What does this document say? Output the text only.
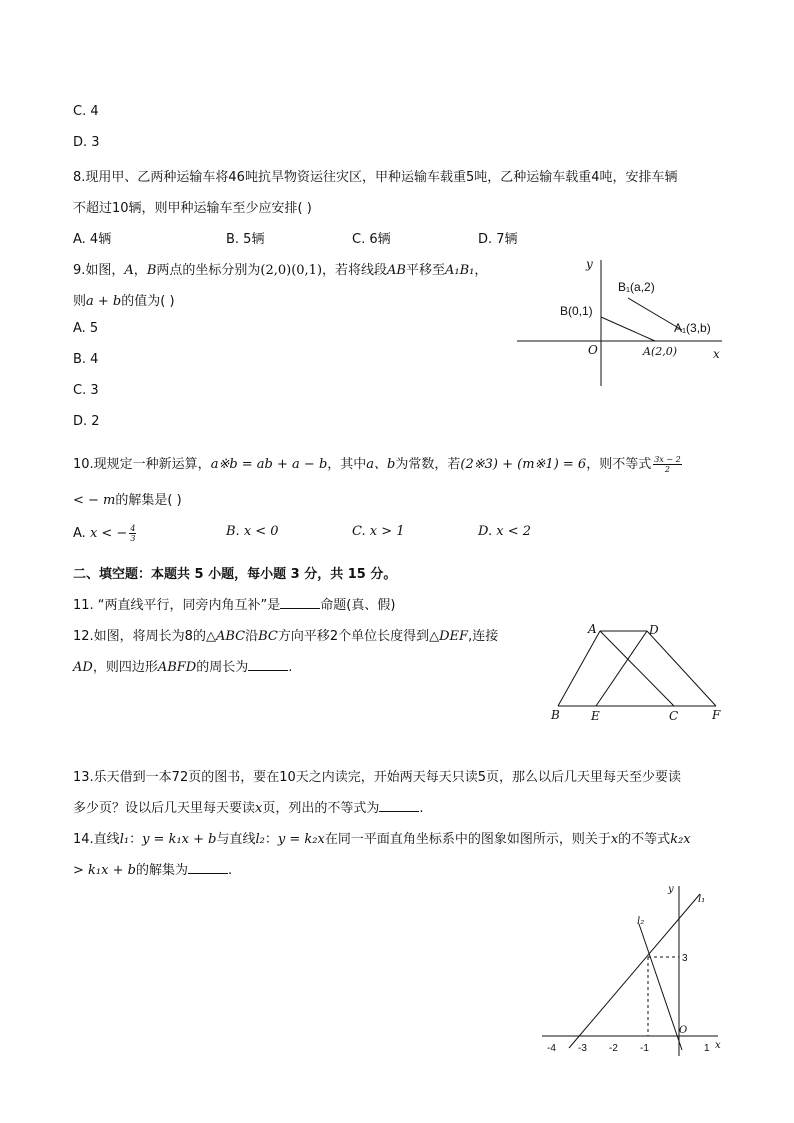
C. 4
D. 3
8.现用甲、乙两种运输车将46吨抗旱物资运往灾区，甲种运输车载重5吨，乙种运输车载重4吨，安排车辆
不超过10辆，则甲种运输车至少应安排( )
A. 4辆	B. 5辆	C. 6辆	D. 7辆
9.如图，A，B两点的坐标分别为(2,0)(0,1)，若将线段AB平移至A₁B₁，
则a + b的值为( )
A. 5
B. 4
C. 3
D. 2
y
x
O
B(0,1)
A(2,0)
B₁(a,2)
A₁(3,b)
10.现规定一种新运算，a※b = ab + a − b，其中a、b为常数，若(2※3) + (m※1) = 6，则不等式 $\frac{3x - 2}{2}$
< − m的解集是( )
A. x < − $\frac{4}{3}$	B. x < 0	C. x > 1	D. x < 2
二、填空题：本题共 5 小题，每小题 3 分，共 15 分。
11. “两直线平行，同旁内角互补”是	命题(真、假)
12.如图，将周长为8的△ABC沿BC方向平移2个单位长度得到△DEF,连接
AD，则四边形ABFD的周长为	.
A	D
B	E	C	F
13.乐天借到一本72页的图书，要在10天之内读完，开始两天每天只读5页，那么以后几天里每天至少要读
多少页？设以后几天里每天要读x页，列出的不等式为	.
14.直线l₁：y = k₁x + b与直线l₂：y = k₂x在同一平面直角坐标系中的图象如图所示，则关于x的不等式k₂x
> k₁x + b的解集为	.
y
x
O
-4 -3 -2 -1	1
3
l₁
l₂
